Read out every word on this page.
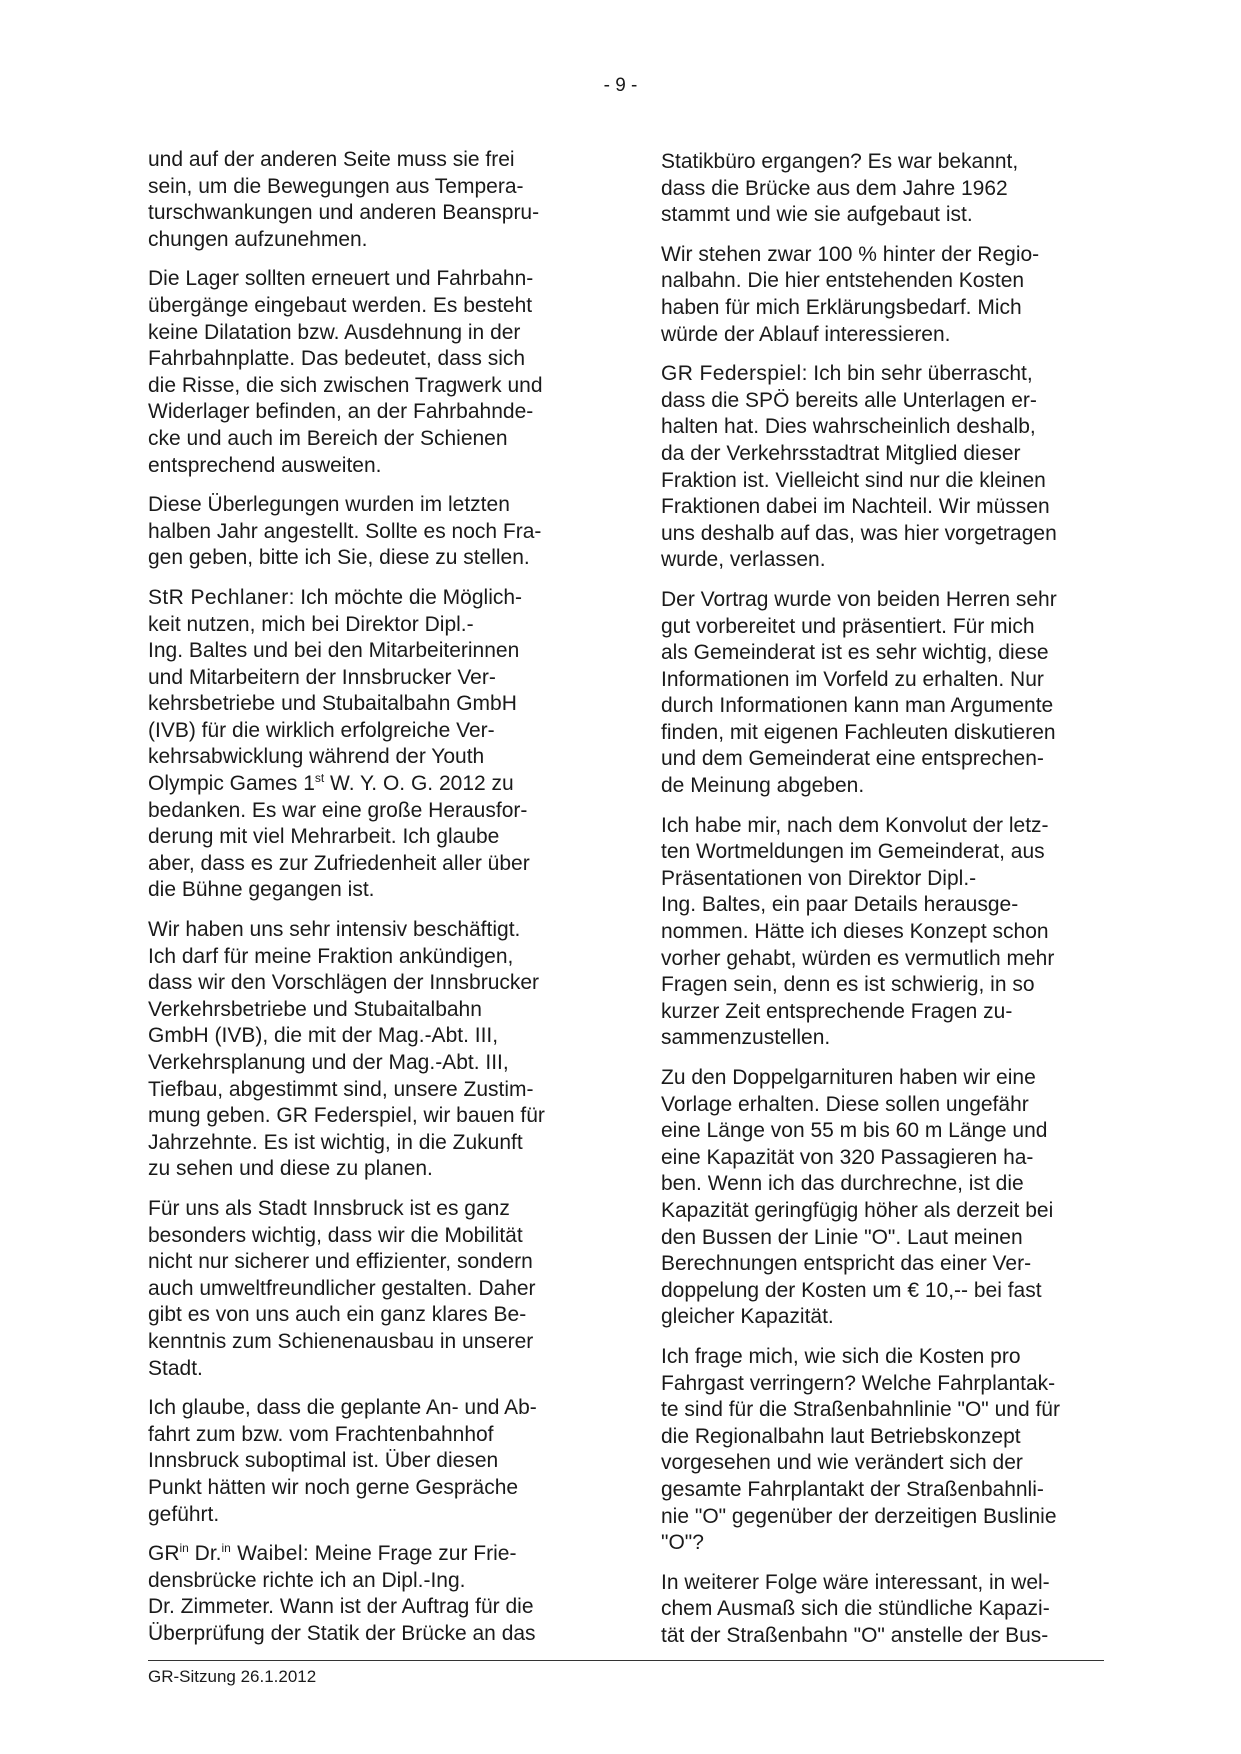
- 9 -

und auf der anderen Seite muss sie frei
sein, um die Bewegungen aus Tempera-
turschwankungen und anderen Beanspru-
chungen aufzunehmen.

Die Lager sollten erneuert und Fahrbahn-
übergänge eingebaut werden. Es besteht
keine Dilatation bzw. Ausdehnung in der
Fahrbahnplatte. Das bedeutet, dass sich
die Risse, die sich zwischen Tragwerk und
Widerlager befinden, an der Fahrbahnde-
cke und auch im Bereich der Schienen
entsprechend ausweiten.

Diese Überlegungen wurden im letzten
halben Jahr angestellt. Sollte es noch Fra-
gen geben, bitte ich Sie, diese zu stellen.

StR Pechlaner: Ich möchte die Möglich-
keit nutzen, mich bei Direktor Dipl.-
Ing. Baltes und bei den Mitarbeiterinnen
und Mitarbeitern der Innsbrucker Ver-
kehrsbetriebe und Stubaitalbahn GmbH
(IVB) für die wirklich erfolgreiche Ver-
kehrsabwicklung während der Youth
Olympic Games 1st W. Y. O. G. 2012 zu
bedanken. Es war eine große Herausfor-
derung mit viel Mehrarbeit. Ich glaube
aber, dass es zur Zufriedenheit aller über
die Bühne gegangen ist.

Wir haben uns sehr intensiv beschäftigt.
Ich darf für meine Fraktion ankündigen,
dass wir den Vorschlägen der Innsbrucker
Verkehrsbetriebe und Stubaitalbahn
GmbH (IVB), die mit der Mag.-Abt. III,
Verkehrsplanung und der Mag.-Abt. III,
Tiefbau, abgestimmt sind, unsere Zustim-
mung geben. GR Federspiel, wir bauen für
Jahrzehnte. Es ist wichtig, in die Zukunft
zu sehen und diese zu planen.

Für uns als Stadt Innsbruck ist es ganz
besonders wichtig, dass wir die Mobilität
nicht nur sicherer und effizienter, sondern
auch umweltfreundlicher gestalten. Daher
gibt es von uns auch ein ganz klares Be-
kenntnis zum Schienenausbau in unserer
Stadt.

Ich glaube, dass die geplante An- und Ab-
fahrt zum bzw. vom Frachtenbahnhof
Innsbruck suboptimal ist. Über diesen
Punkt hätten wir noch gerne Gespräche
geführt.

$GR^{in}$ Dr.$^{in}$ Waibel: Meine Frage zur Frie-
densbrücke richte ich an Dipl.-Ing.
Dr. Zimmeter. Wann ist der Auftrag für die
Überprüfung der Statik der Brücke an das

Statikbüro ergangen? Es war bekannt,
dass die Brücke aus dem Jahre 1962
stammt und wie sie aufgebaut ist.

Wir stehen zwar 100 % hinter der Regio-
nalbahn. Die hier entstehenden Kosten
haben für mich Erklärungsbedarf. Mich
würde der Ablauf interessieren.

GR Federspiel: Ich bin sehr überrascht,
dass die SPÖ bereits alle Unterlagen er-
halten hat. Dies wahrscheinlich deshalb,
da der Verkehrsstadtrat Mitglied dieser
Fraktion ist. Vielleicht sind nur die kleinen
Fraktionen dabei im Nachteil. Wir müssen
uns deshalb auf das, was hier vorgetragen
wurde, verlassen.

Der Vortrag wurde von beiden Herren sehr
gut vorbereitet und präsentiert. Für mich
als Gemeinderat ist es sehr wichtig, diese
Informationen im Vorfeld zu erhalten. Nur
durch Informationen kann man Argumente
finden, mit eigenen Fachleuten diskutieren
und dem Gemeinderat eine entsprechen-
de Meinung abgeben.

Ich habe mir, nach dem Konvolut der letz-
ten Wortmeldungen im Gemeinderat, aus
Präsentationen von Direktor Dipl.-
Ing. Baltes, ein paar Details herausge-
nommen. Hätte ich dieses Konzept schon
vorher gehabt, würden es vermutlich mehr
Fragen sein, denn es ist schwierig, in so
kurzer Zeit entsprechende Fragen zu-
sammenzustellen.

Zu den Doppelgarnituren haben wir eine
Vorlage erhalten. Diese sollen ungefähr
eine Länge von 55 m bis 60 m Länge und
eine Kapazität von 320 Passagieren ha-
ben. Wenn ich das durchrechne, ist die
Kapazität geringfügig höher als derzeit bei
den Bussen der Linie "O". Laut meinen
Berechnungen entspricht das einer Ver-
doppelung der Kosten um € 10,-- bei fast
gleicher Kapazität.

Ich frage mich, wie sich die Kosten pro
Fahrgast verringern? Welche Fahrplantak-
te sind für die Straßenbahnlinie "O" und für
die Regionalbahn laut Betriebskonzept
vorgesehen und wie verändert sich der
gesamte Fahrplantakt der Straßenbahnli-
nie "O" gegenüber der derzeitigen Buslinie
"O"?

In weiterer Folge wäre interessant, in wel-
chem Ausmaß sich die stündliche Kapazi-
tät der Straßenbahn "O" anstelle der Bus-

GR-Sitzung 26.1.2012
